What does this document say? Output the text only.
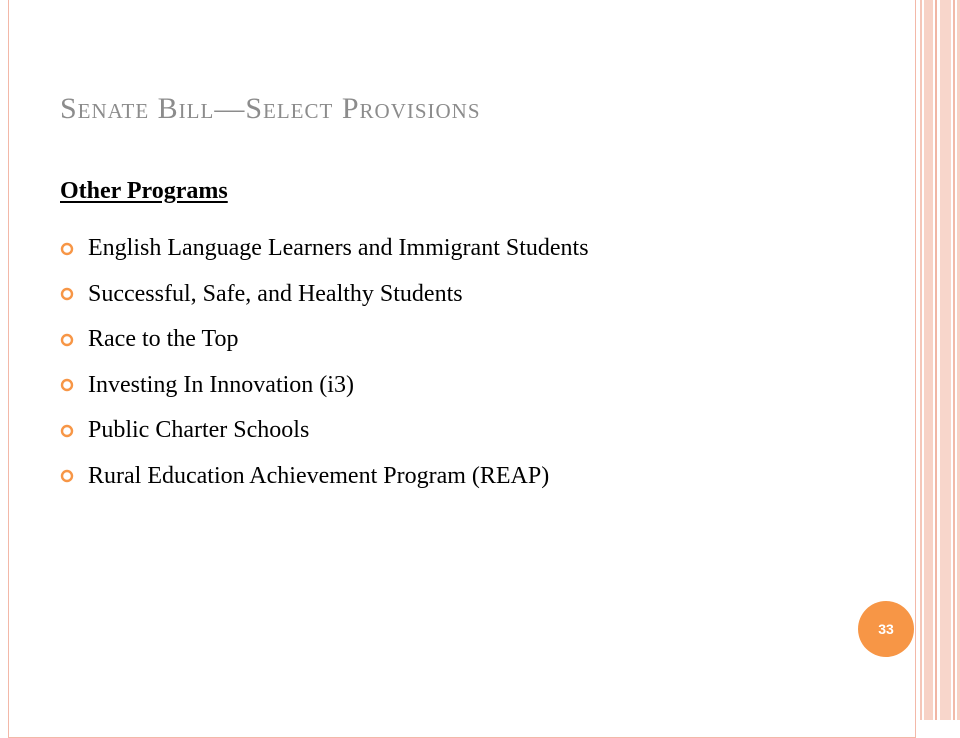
Senate Bill—Select Provisions
Other Programs
English Language Learners and Immigrant Students
Successful, Safe, and Healthy Students
Race to the Top
Investing In Innovation (i3)
Public Charter Schools
Rural Education Achievement Program (REAP)
33
